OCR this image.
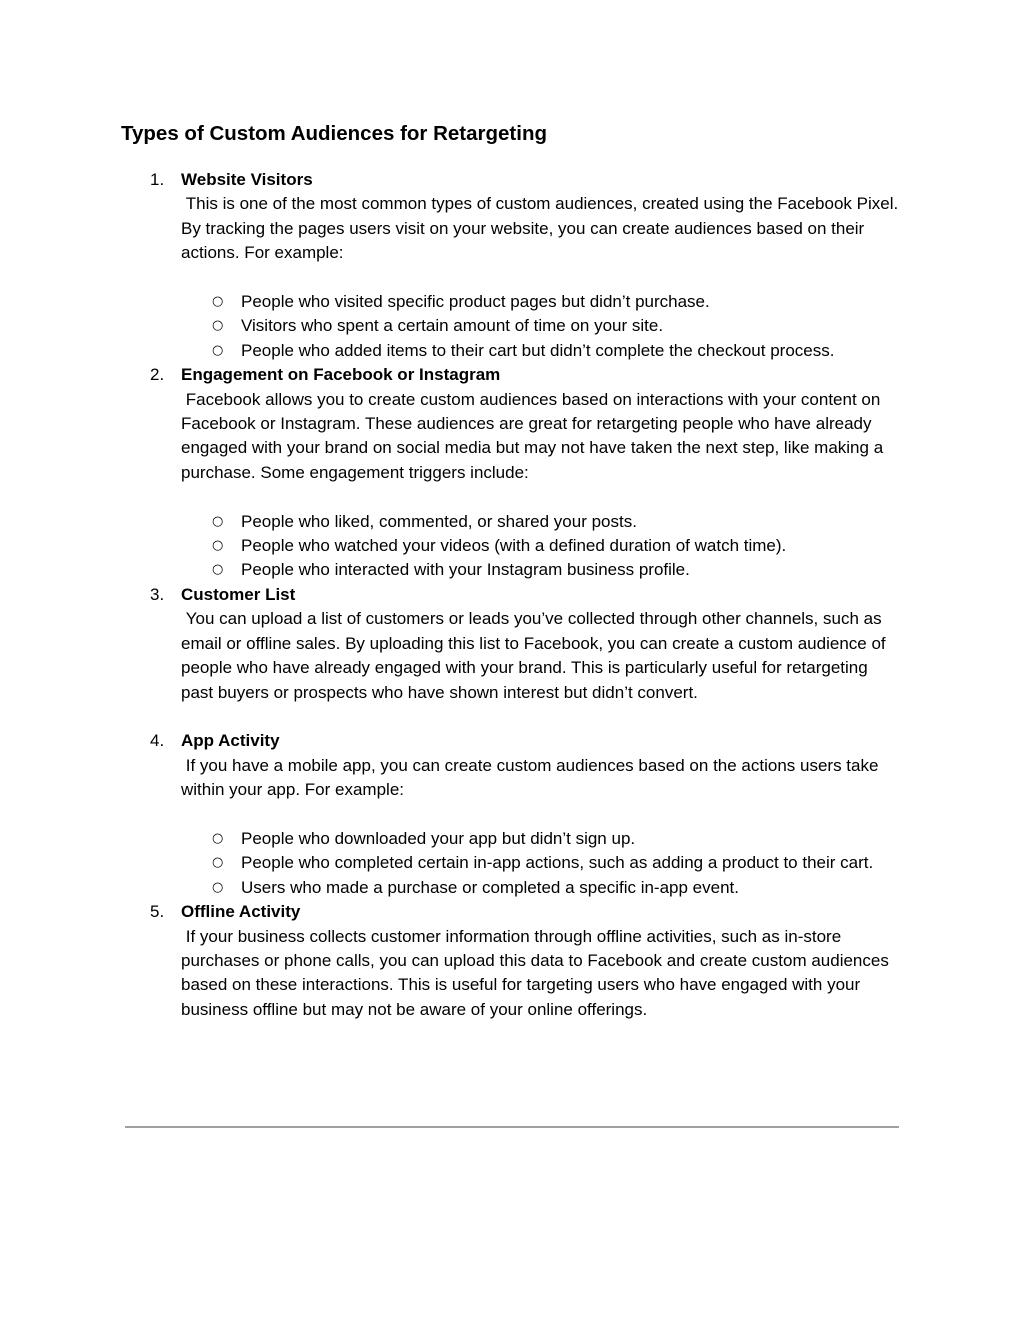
Types of Custom Audiences for Retargeting
1. Website Visitors
This is one of the most common types of custom audiences, created using the Facebook Pixel. By tracking the pages users visit on your website, you can create audiences based on their actions. For example:
○ People who visited specific product pages but didn’t purchase.
○ Visitors who spent a certain amount of time on your site.
○ People who added items to their cart but didn’t complete the checkout process.
2. Engagement on Facebook or Instagram
Facebook allows you to create custom audiences based on interactions with your content on Facebook or Instagram. These audiences are great for retargeting people who have already engaged with your brand on social media but may not have taken the next step, like making a purchase. Some engagement triggers include:
○ People who liked, commented, or shared your posts.
○ People who watched your videos (with a defined duration of watch time).
○ People who interacted with your Instagram business profile.
3. Customer List
You can upload a list of customers or leads you’ve collected through other channels, such as email or offline sales. By uploading this list to Facebook, you can create a custom audience of people who have already engaged with your brand. This is particularly useful for retargeting past buyers or prospects who have shown interest but didn’t convert.
4. App Activity
If you have a mobile app, you can create custom audiences based on the actions users take within your app. For example:
○ People who downloaded your app but didn’t sign up.
○ People who completed certain in-app actions, such as adding a product to their cart.
○ Users who made a purchase or completed a specific in-app event.
5. Offline Activity
If your business collects customer information through offline activities, such as in-store purchases or phone calls, you can upload this data to Facebook and create custom audiences based on these interactions. This is useful for targeting users who have engaged with your business offline but may not be aware of your online offerings.
